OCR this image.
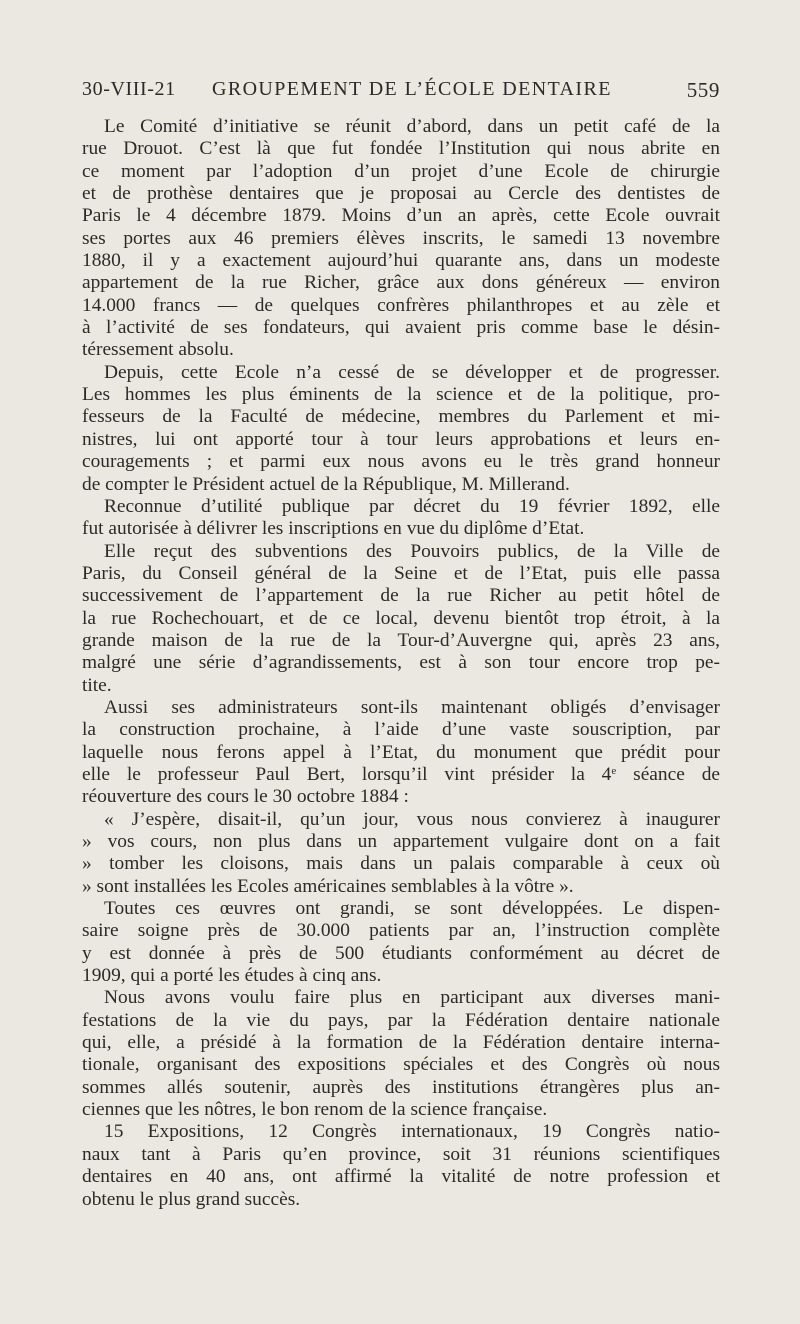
30-VIII-21 GROUPEMENT DE L’ÉCOLE DENTAIRE	559
Le Comité d’initiative se réunit d’abord, dans un petit café de la
rue Drouot. C’est là que fut fondée l’Institution qui nous abrite en
ce moment par l’adoption d’un projet d’une Ecole de chirurgie
et de prothèse dentaires que je proposai au Cercle des dentistes de
Paris le 4 décembre 1879. Moins d’un an après, cette Ecole ouvrait
ses portes aux 46 premiers élèves inscrits, le samedi 13 novembre
1880, il y a exactement aujourd’hui quarante ans, dans un modeste
appartement de la rue Richer, grâce aux dons généreux — environ
14.000 francs — de quelques confrères philanthropes et au zèle et
à l’activité de ses fondateurs, qui avaient pris comme base le désin-
téressement absolu.
Depuis, cette Ecole n’a cessé de se développer et de progresser.
Les hommes les plus éminents de la science et de la politique, pro-
fesseurs de la Faculté de médecine, membres du Parlement et mi-
nistres, lui ont apporté tour à tour leurs approbations et leurs en-
couragements ; et parmi eux nous avons eu le très grand honneur
de compter le Président actuel de la République, M. Millerand.
Reconnue d’utilité publique par décret du 19 février 1892, elle
fut autorisée à délivrer les inscriptions en vue du diplôme d’Etat.
Elle reçut des subventions des Pouvoirs publics, de la Ville de
Paris, du Conseil général de la Seine et de l’Etat, puis elle passa
successivement de l’appartement de la rue Richer au petit hôtel de
la rue Rochechouart, et de ce local, devenu bientôt trop étroit, à la
grande maison de la rue de la Tour-d’Auvergne qui, après 23 ans,
malgré une série d’agrandissements, est à son tour encore trop pe-
tite.
Aussi ses administrateurs sont-ils maintenant obligés d’envisager
la construction prochaine, à l’aide d’une vaste souscription, par
laquelle nous ferons appel à l’Etat, du monument que prédit pour
elle le professeur Paul Bert, lorsqu’il vint présider la 4e séance de
réouverture des cours le 30 octobre 1884 :
« J’espère, disait-il, qu’un jour, vous nous convierez à inaugurer
» vos cours, non plus dans un appartement vulgaire dont on a fait
» tomber les cloisons, mais dans un palais comparable à ceux où
» sont installées les Ecoles américaines semblables à la vôtre ».
Toutes ces œuvres ont grandi, se sont développées. Le dispen-
saire soigne près de 30.000 patients par an, l’instruction complète
y est donnée à près de 500 étudiants conformément au décret de
1909, qui a porté les études à cinq ans.
Nous avons voulu faire plus en participant aux diverses mani-
festations de la vie du pays, par la Fédération dentaire nationale
qui, elle, a présidé à la formation de la Fédération dentaire interna-
tionale, organisant des expositions spéciales et des Congrès où nous
sommes allés soutenir, auprès des institutions étrangères plus an-
ciennes que les nôtres, le bon renom de la science française.
15 Expositions, 12 Congrès internationaux, 19 Congrès natio-
naux tant à Paris qu’en province, soit 31 réunions scientifiques
dentaires en 40 ans, ont affirmé la vitalité de notre profession et
obtenu le plus grand succès.
